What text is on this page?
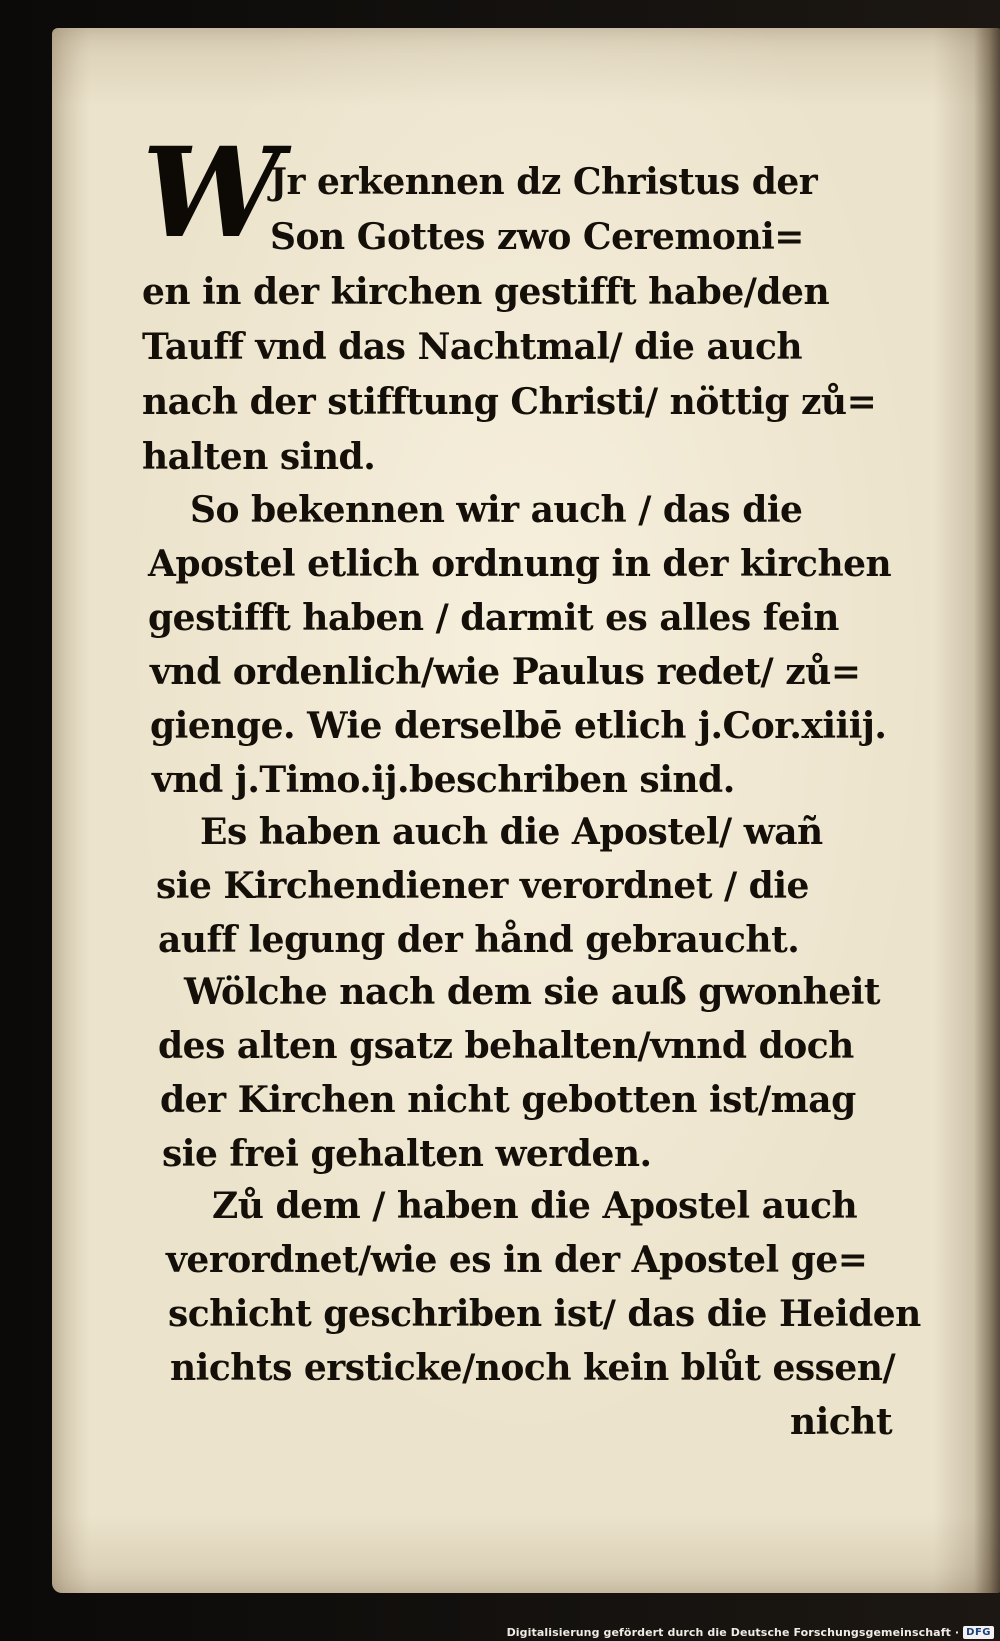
W
Jr erkennen dz Christus der
Son Gottes zwo Ceremoni=
en in der kirchen gestifft habe/den
Tauff vnd das Nachtmal/ die auch
nach der stifftung Christi/ nöttig zů=
halten sind.
So bekennen wir auch / das die
Apostel etlich ordnung in der kirchen
gestifft haben / darmit es alles fein
vnd ordenlich/wie Paulus redet/ zů=
gienge. Wie derselbē etlich j.Cor.xiiij.
vnd j.Timo.ij.beschriben sind.
Es haben auch die Apostel/ wañ
sie Kirchendiener verordnet / die
auff legung der hånd gebraucht.
Wölche nach dem sie auß gwonheit
des alten gsatz behalten/vnnd doch
der Kirchen nicht gebotten ist/mag
sie frei gehalten werden.
Zů dem / haben die Apostel auch
verordnet/wie es in der Apostel ge=
schicht geschriben ist/ das die Heiden
nichts ersticke/noch kein blůt essen/
nicht
Digitalisierung gefördert durch die Deutsche Forschungsgemeinschaft · DFG
